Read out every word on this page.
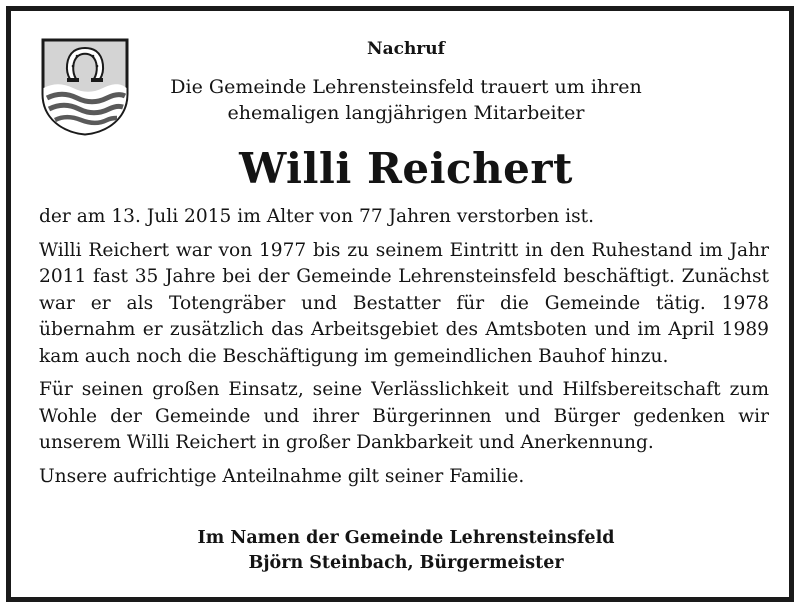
Nachruf

Die Gemeinde Lehrensteinsfeld trauert um ihren
ehemaligen langjährigen Mitarbeiter

Willi Reichert

der am 13. Juli 2015 im Alter von 77 Jahren verstorben ist.

Willi Reichert war von 1977 bis zu seinem Eintritt in den Ruhestand im Jahr 2011 fast 35 Jahre bei der Gemeinde Lehrensteinsfeld beschäftigt. Zunächst war er als Totengräber und Bestatter für die Gemeinde tätig. 1978 übernahm er zusätzlich das Arbeitsgebiet des Amtsboten und im April 1989 kam auch noch die Beschäftigung im gemeindlichen Bauhof hinzu.

Für seinen großen Einsatz, seine Verlässlichkeit und Hilfsbereitschaft zum Wohle der Gemeinde und ihrer Bürgerinnen und Bürger gedenken wir unserem Willi Reichert in großer Dankbarkeit und Anerkennung.

Unsere aufrichtige Anteilnahme gilt seiner Familie.

Im Namen der Gemeinde Lehrensteinsfeld
Björn Steinbach, Bürgermeister
